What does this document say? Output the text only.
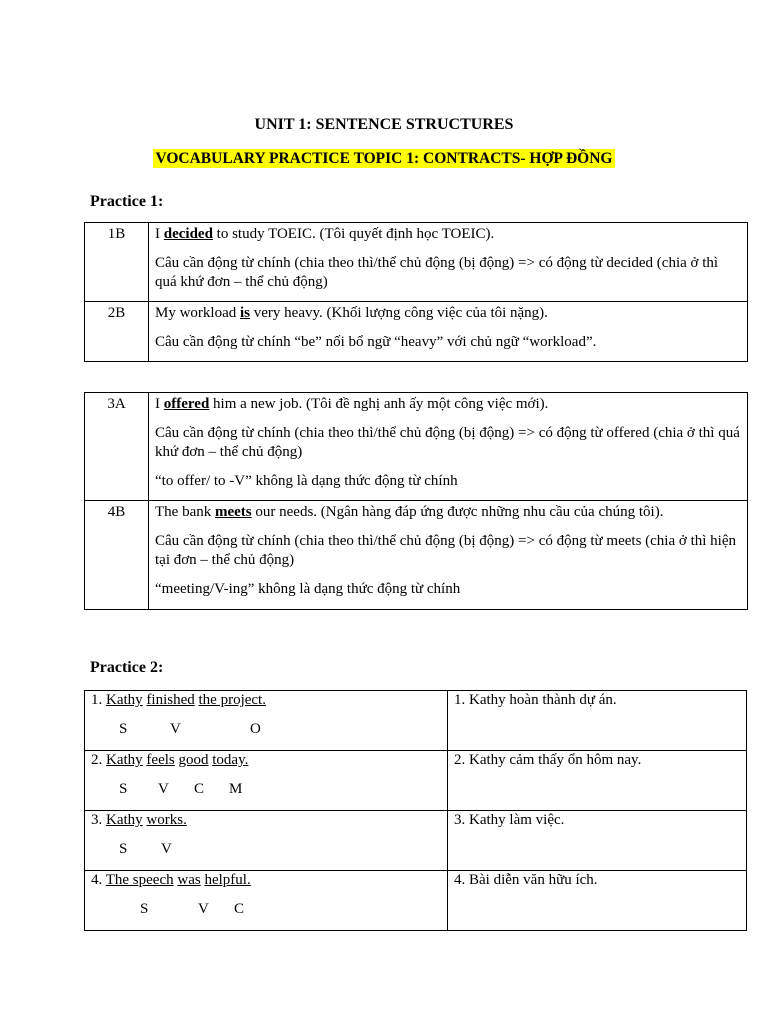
UNIT 1: SENTENCE STRUCTURES
VOCABULARY PRACTICE TOPIC 1: CONTRACTS- HỢP ĐỒNG
Practice 1:
1B	I decided to study TOEIC. (Tôi quyết định học TOEIC).

Câu cần động từ chính (chia theo thì/thể chủ động (bị động) => có động từ decided (chia ở thì quá khứ đơn – thể chủ động)

2B	My workload is very heavy. (Khối lượng công việc của tôi nặng).

Câu cần động từ chính “be” nối bổ ngữ “heavy” với chủ ngữ “workload”.

3A	I offered him a new job. (Tôi đề nghị anh ấy một công việc mới).

Câu cần động từ chính (chia theo thì/thể chủ động (bị động) => có động từ offered (chia ở thì quá khứ đơn – thể chủ động)

“to offer/ to -V” không là dạng thức động từ chính

4B	The bank meets our needs. (Ngân hàng đáp ứng được những nhu cầu của chúng tôi).

Câu cần động từ chính (chia theo thì/thể chủ động (bị động) => có động từ meets (chia ở thì hiện tại đơn – thể chủ động)

“meeting/V-ing” không là dạng thức động từ chính

Practice 2:
1. Kathy finished the project.
S V O	1. Kathy hoàn thành dự án.

2. Kathy feels good today.
S V C M	2. Kathy cảm thấy ổn hôm nay.

3. Kathy works.
S V	3. Kathy làm việc.

4. The speech was helpful.
S V C	4. Bài diễn văn hữu ích.
